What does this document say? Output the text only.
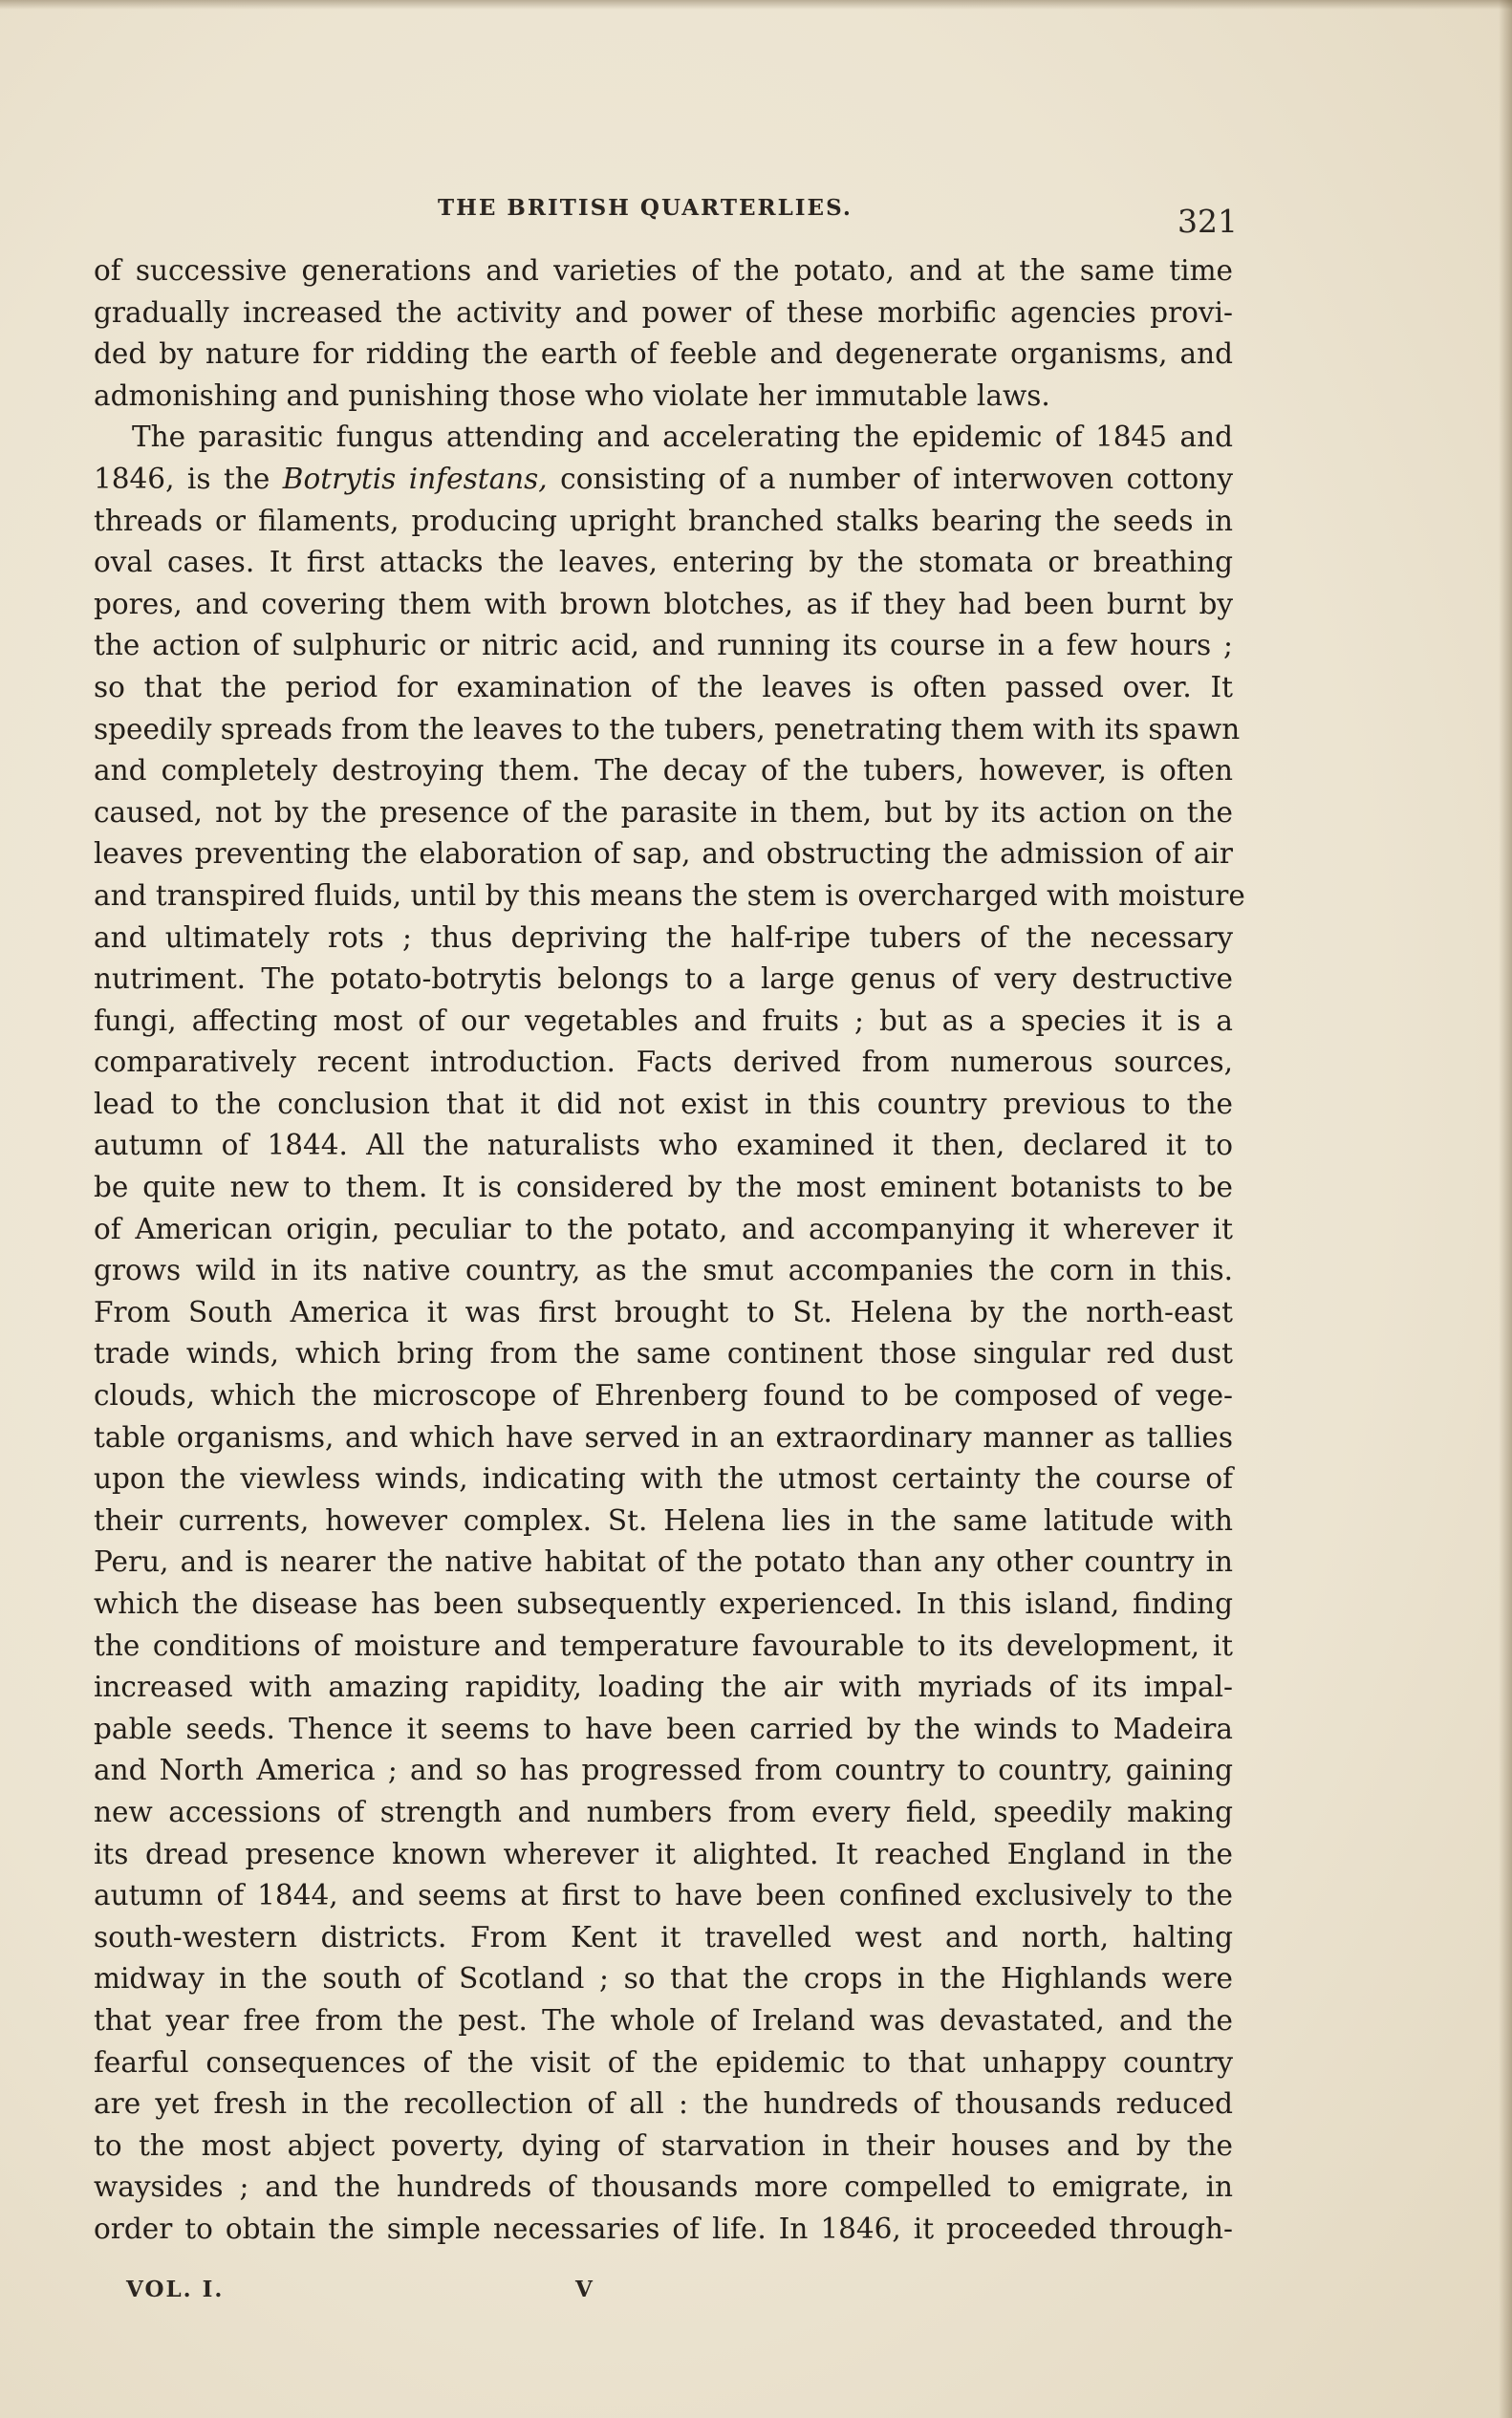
THE BRITISH QUARTERLIES.	321
of successive generations and varieties of the potato, and at the same time
gradually increased the activity and power of these morbific agencies provi-
ded by nature for ridding the earth of feeble and degenerate organisms, and
admonishing and punishing those who violate her immutable laws.
The parasitic fungus attending and accelerating the epidemic of 1845 and
1846, is the Botrytis infestans, consisting of a number of interwoven cottony
threads or filaments, producing upright branched stalks bearing the seeds in
oval cases. It first attacks the leaves, entering by the stomata or breathing
pores, and covering them with brown blotches, as if they had been burnt by
the action of sulphuric or nitric acid, and running its course in a few hours ;
so that the period for examination of the leaves is often passed over. It
speedily spreads from the leaves to the tubers, penetrating them with its spawn
and completely destroying them. The decay of the tubers, however, is often
caused, not by the presence of the parasite in them, but by its action on the
leaves preventing the elaboration of sap, and obstructing the admission of air
and transpired fluids, until by this means the stem is overcharged with moisture
and ultimately rots ; thus depriving the half-ripe tubers of the necessary
nutriment. The potato-botrytis belongs to a large genus of very destructive
fungi, affecting most of our vegetables and fruits ; but as a species it is a
comparatively recent introduction. Facts derived from numerous sources,
lead to the conclusion that it did not exist in this country previous to the
autumn of 1844. All the naturalists who examined it then, declared it to
be quite new to them. It is considered by the most eminent botanists to be
of American origin, peculiar to the potato, and accompanying it wherever it
grows wild in its native country, as the smut accompanies the corn in this.
From South America it was first brought to St. Helena by the north-east
trade winds, which bring from the same continent those singular red dust
clouds, which the microscope of Ehrenberg found to be composed of vege-
table organisms, and which have served in an extraordinary manner as tallies
upon the viewless winds, indicating with the utmost certainty the course of
their currents, however complex. St. Helena lies in the same latitude with
Peru, and is nearer the native habitat of the potato than any other country in
which the disease has been subsequently experienced. In this island, finding
the conditions of moisture and temperature favourable to its development, it
increased with amazing rapidity, loading the air with myriads of its impal-
pable seeds. Thence it seems to have been carried by the winds to Madeira
and North America ; and so has progressed from country to country, gaining
new accessions of strength and numbers from every field, speedily making
its dread presence known wherever it alighted. It reached England in the
autumn of 1844, and seems at first to have been confined exclusively to the
south-western districts. From Kent it travelled west and north, halting
midway in the south of Scotland ; so that the crops in the Highlands were
that year free from the pest. The whole of Ireland was devastated, and the
fearful consequences of the visit of the epidemic to that unhappy country
are yet fresh in the recollection of all : the hundreds of thousands reduced
to the most abject poverty, dying of starvation in their houses and by the
waysides ; and the hundreds of thousands more compelled to emigrate, in
order to obtain the simple necessaries of life. In 1846, it proceeded through-
VOL. I.	V
